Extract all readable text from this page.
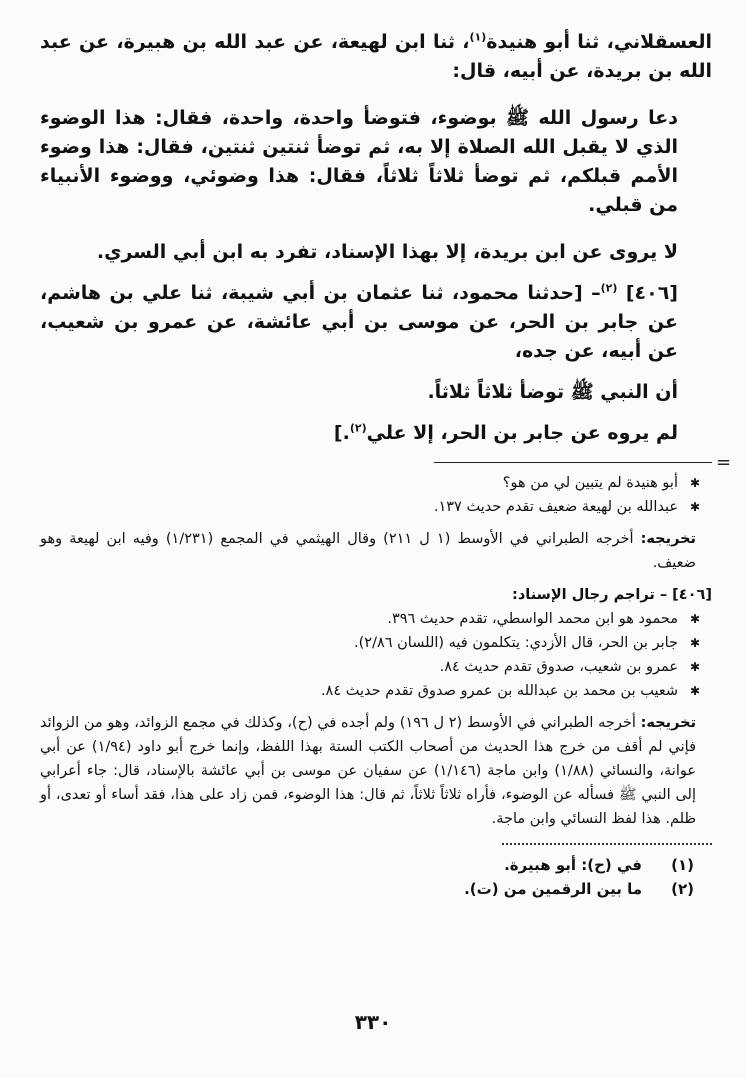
العسقلاني، ثنا أبو هنيدة$^{(١)}$، ثنا ابن لهيعة، عن عبد الله بن هبيرة، عن عبد الله بن بريدة، عن أبيه، قال:

دعا رسول الله ﷺ بوضوء، فتوضأ واحدة، واحدة، فقال: هذا الوضوء الذي لا يقبل الله الصلاة إلا به، ثم توضأ ثنتين ثنتين، فقال: هذا وضوء الأمم قبلكم، ثم توضأ ثلاثاً ثلاثاً، فقال: هذا وضوئي، ووضوء الأنبياء من قبلي.

لا يروى عن ابن بريدة، إلا بهذا الإسناد، تفرد به ابن أبي السري.

[٤٠٦] $^{(٢)}$– [حدثنا محمود، ثنا عثمان بن أبي شيبة، ثنا علي بن هاشم، عن جابر بن الحر، عن موسى بن أبي عائشة، عن عمرو بن شعيب، عن أبيه، عن جده،

أن النبي ﷺ توضأ ثلاثاً ثلاثاً.

لم يروه عن جابر بن الحر، إلا علي$^{(٢)}$.]

✱
أبو هنيدة لم يتبين لي من هو؟

✱
عبدالله بن لهيعة ضعيف تقدم حديث ١٣٧.

تخريجه: أخرجه الطبراني في الأوسط (١ ل ٢١١) وقال الهيثمي في المجمع (١/٢٣١) وفيه ابن لهيعة وهو ضعيف.

[٤٠٦] – تراجم رجال الإسناد:

✱
محمود هو ابن محمد الواسطي، تقدم حديث ٣٩٦.

✱
جابر بن الحر، قال الأزدي: يتكلمون فيه (اللسان ٢/٨٦).

✱
عمرو بن شعيب، صدوق تقدم حديث ٨٤.

✱
شعيب بن محمد بن عبدالله بن عمرو صدوق تقدم حديث ٨٤.

تخريجه: أخرجه الطبراني في الأوسط (٢ ل ١٩٦) ولم أجده في (ح)، وكذلك في مجمع الزوائد، وهو من الزوائد فإني لم أقف من خرج هذا الحديث من أصحاب الكتب الستة بهذا اللفظ، وإنما خرج أبو داود (١/٩٤) عن أبي عوانة، والنسائي (١/٨٨) وابن ماجة (١/١٤٦) عن سفيان عن موسى بن أبي عائشة بالإسناد، قال: جاء أعرابي إلى النبي ﷺ فسأله عن الوضوء، فأراه ثلاثاً ثلاثاً، ثم قال: هذا الوضوء، فمن زاد على هذا، فقد أساء أو تعدى، أو ظلم. هذا لفظ النسائي وابن ماجة.

(١)
في (ح): أبو هبيرة.
(٢)
ما بين الرقمين من (ت).
٣٣٠
=
